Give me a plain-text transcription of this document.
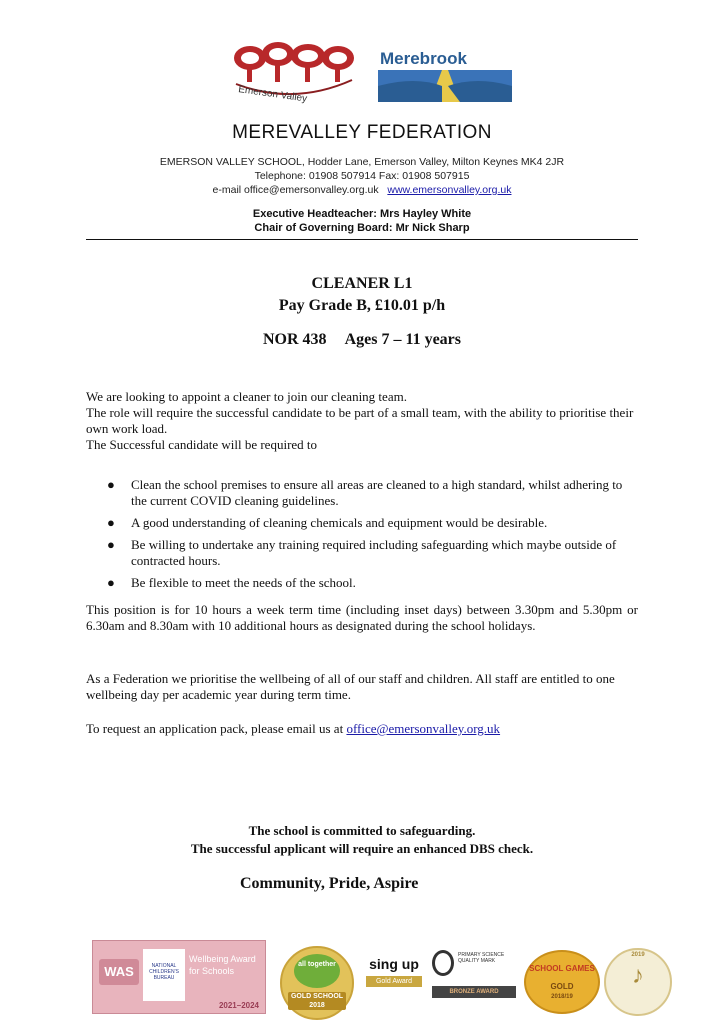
Emerson Valley
Merebrook
MEREVALLEY FEDERATION
EMERSON VALLEY SCHOOL, Hodder Lane, Emerson Valley, Milton Keynes MK4 2JR
Telephone: 01908 507914 Fax: 01908 507915
e-mail office@emersonvalley.org.uk www.emersonvalley.org.uk
Executive Headteacher: Mrs Hayley White
Chair of Governing Board: Mr Nick Sharp
CLEANER L1
Pay Grade B, £10.01 p/h
NOR 438 Ages 7 – 11 years

We are looking to appoint a cleaner to join our cleaning team.

The role will require the successful candidate to be part of a small team, with the ability to prioritise their own work load.

The Successful candidate will be required to

● Clean the school premises to ensure all areas are cleaned to a high standard, whilst adhering to the current COVID cleaning guidelines.
● A good understanding of cleaning chemicals and equipment would be desirable.
● Be willing to undertake any training required including safeguarding which maybe outside of contracted hours.
● Be flexible to meet the needs of the school.
This position is for 10 hours a week term time (including inset days) between 3.30pm and 5.30pm or 6.30am and 8.30am with 10 additional hours as designated during the school holidays.
As a Federation we prioritise the wellbeing of all of our staff and children. All staff are entitled to one wellbeing day per academic year during term time.
To request an application pack, please email us at office@emersonvalley.org.uk
The school is committed to safeguarding.
The successful applicant will require an enhanced DBS check.
Community, Pride, Aspire
WAS	NATIONAL CHILDREN'S BUREAU
Wellbeing Award for Schools
2021–2024
all together
GOLD SCHOOL 2018
sing up
Gold Award
PRIMARY SCIENCE QUALITY MARK
BRONZE AWARD
SCHOOL GAMES
GOLD
2018/19
2019
♪
